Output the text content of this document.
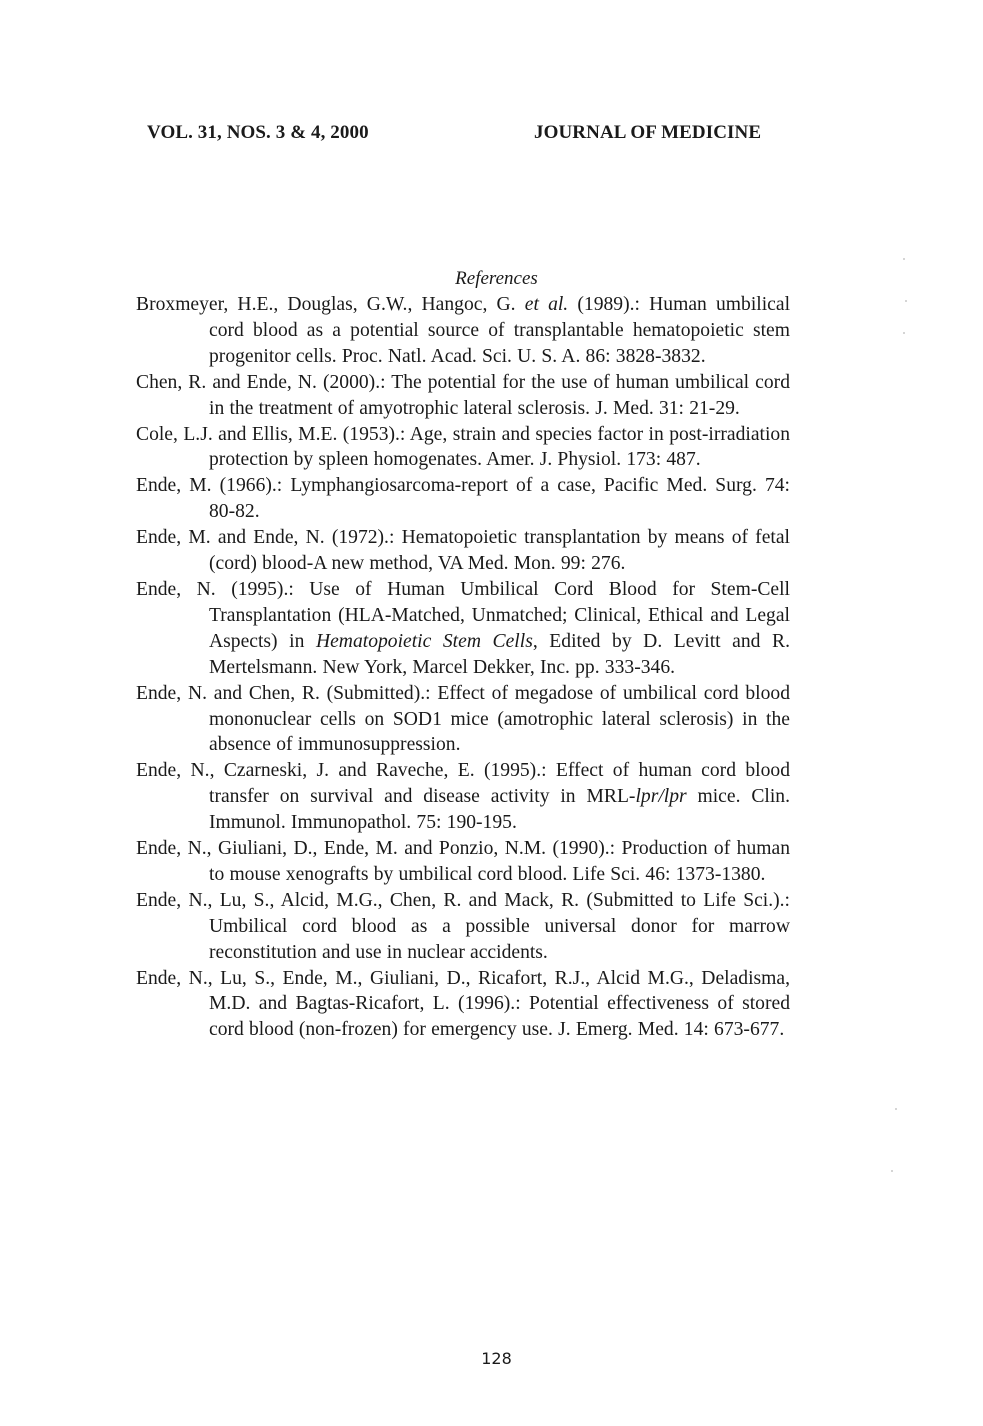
VOL. 31, NOS. 3 & 4, 2000	JOURNAL OF MEDICINE
References
Broxmeyer, H.E., Douglas, G.W., Hangoc, G. et al. (1989).: Human umbilical cord blood as a potential source of transplantable hematopoietic stem progenitor cells. Proc. Natl. Acad. Sci. U. S. A. 86: 3828-3832.
Chen, R. and Ende, N. (2000).: The potential for the use of human umbilical cord in the treatment of amyotrophic lateral sclerosis. J. Med. 31: 21-29.
Cole, L.J. and Ellis, M.E. (1953).: Age, strain and species factor in post-irradiation protection by spleen homogenates. Amer. J. Physiol. 173: 487.
Ende, M. (1966).: Lymphangiosarcoma-report of a case, Pacific Med. Surg. 74: 80-82.
Ende, M. and Ende, N. (1972).: Hematopoietic transplantation by means of fetal (cord) blood-A new method, VA Med. Mon. 99: 276.
Ende, N. (1995).: Use of Human Umbilical Cord Blood for Stem-Cell Transplantation (HLA-Matched, Unmatched; Clinical, Ethical and Legal Aspects) in Hematopoietic Stem Cells, Edited by D. Levitt and R. Mertelsmann. New York, Marcel Dekker, Inc. pp. 333-346.
Ende, N. and Chen, R. (Submitted).: Effect of megadose of umbilical cord blood mononuclear cells on SOD1 mice (amotrophic lateral sclerosis) in the absence of immunosuppression.
Ende, N., Czarneski, J. and Raveche, E. (1995).: Effect of human cord blood transfer on survival and disease activity in MRL-lpr/lpr mice. Clin. Immunol. Immunopathol. 75: 190-195.
Ende, N., Giuliani, D., Ende, M. and Ponzio, N.M. (1990).: Production of human to mouse xenografts by umbilical cord blood. Life Sci. 46: 1373-1380.
Ende, N., Lu, S., Alcid, M.G., Chen, R. and Mack, R. (Submitted to Life Sci.).: Umbilical cord blood as a possible universal donor for marrow reconstitution and use in nuclear accidents.
Ende, N., Lu, S., Ende, M., Giuliani, D., Ricafort, R.J., Alcid M.G., Deladisma, M.D. and Bagtas-Ricafort, L. (1996).: Potential effectiveness of stored cord blood (non-frozen) for emergency use. J. Emerg. Med. 14: 673-677.
128
